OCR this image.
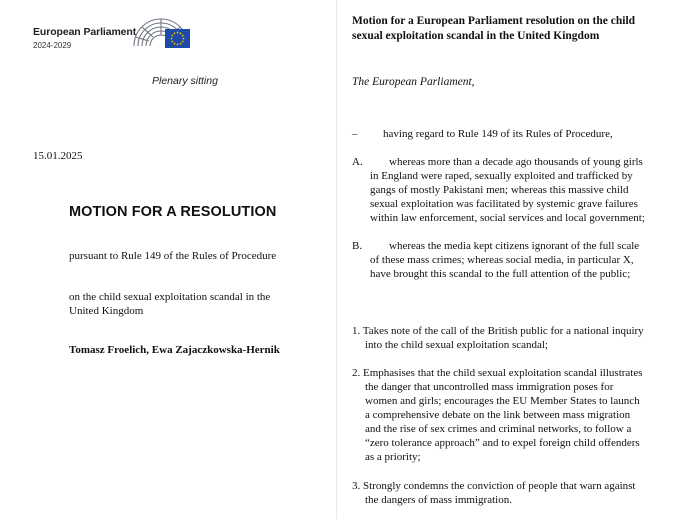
European Parliament
2024-2029
Plenary sitting
15.01.2025
MOTION FOR A RESOLUTION
pursuant to Rule 149 of the Rules of Procedure
on the child sexual exploitation scandal in the
United Kingdom
Tomasz Froelich, Ewa Zajaczkowska-Hernik
Motion for a European Parliament resolution on the child
sexual exploitation scandal in the United Kingdom
The European Parliament,
–	having regard to Rule 149 of its Rules of Procedure,
A.	whereas more than a decade ago thousands of young girls
in England were raped, sexually exploited and trafficked by
gangs of mostly Pakistani men; whereas this massive child
sexual exploitation was facilitated by systemic grave failures
within law enforcement, social services and local government;
B.	whereas the media kept citizens ignorant of the full scale
of these mass crimes; whereas social media, in particular X,
have brought this scandal to the full attention of the public;
1. Takes note of the call of the British public for a national inquiry
into the child sexual exploitation scandal;
2. Emphasises that the child sexual exploitation scandal illustrates
the danger that uncontrolled mass immigration poses for
women and girls; encourages the EU Member States to launch
a comprehensive debate on the link between mass migration
and the rise of sex crimes and criminal networks, to follow a
“zero tolerance approach” and to expel foreign child offenders
as a priority;
3. Strongly condemns the conviction of people that warn against
the dangers of mass immigration.
